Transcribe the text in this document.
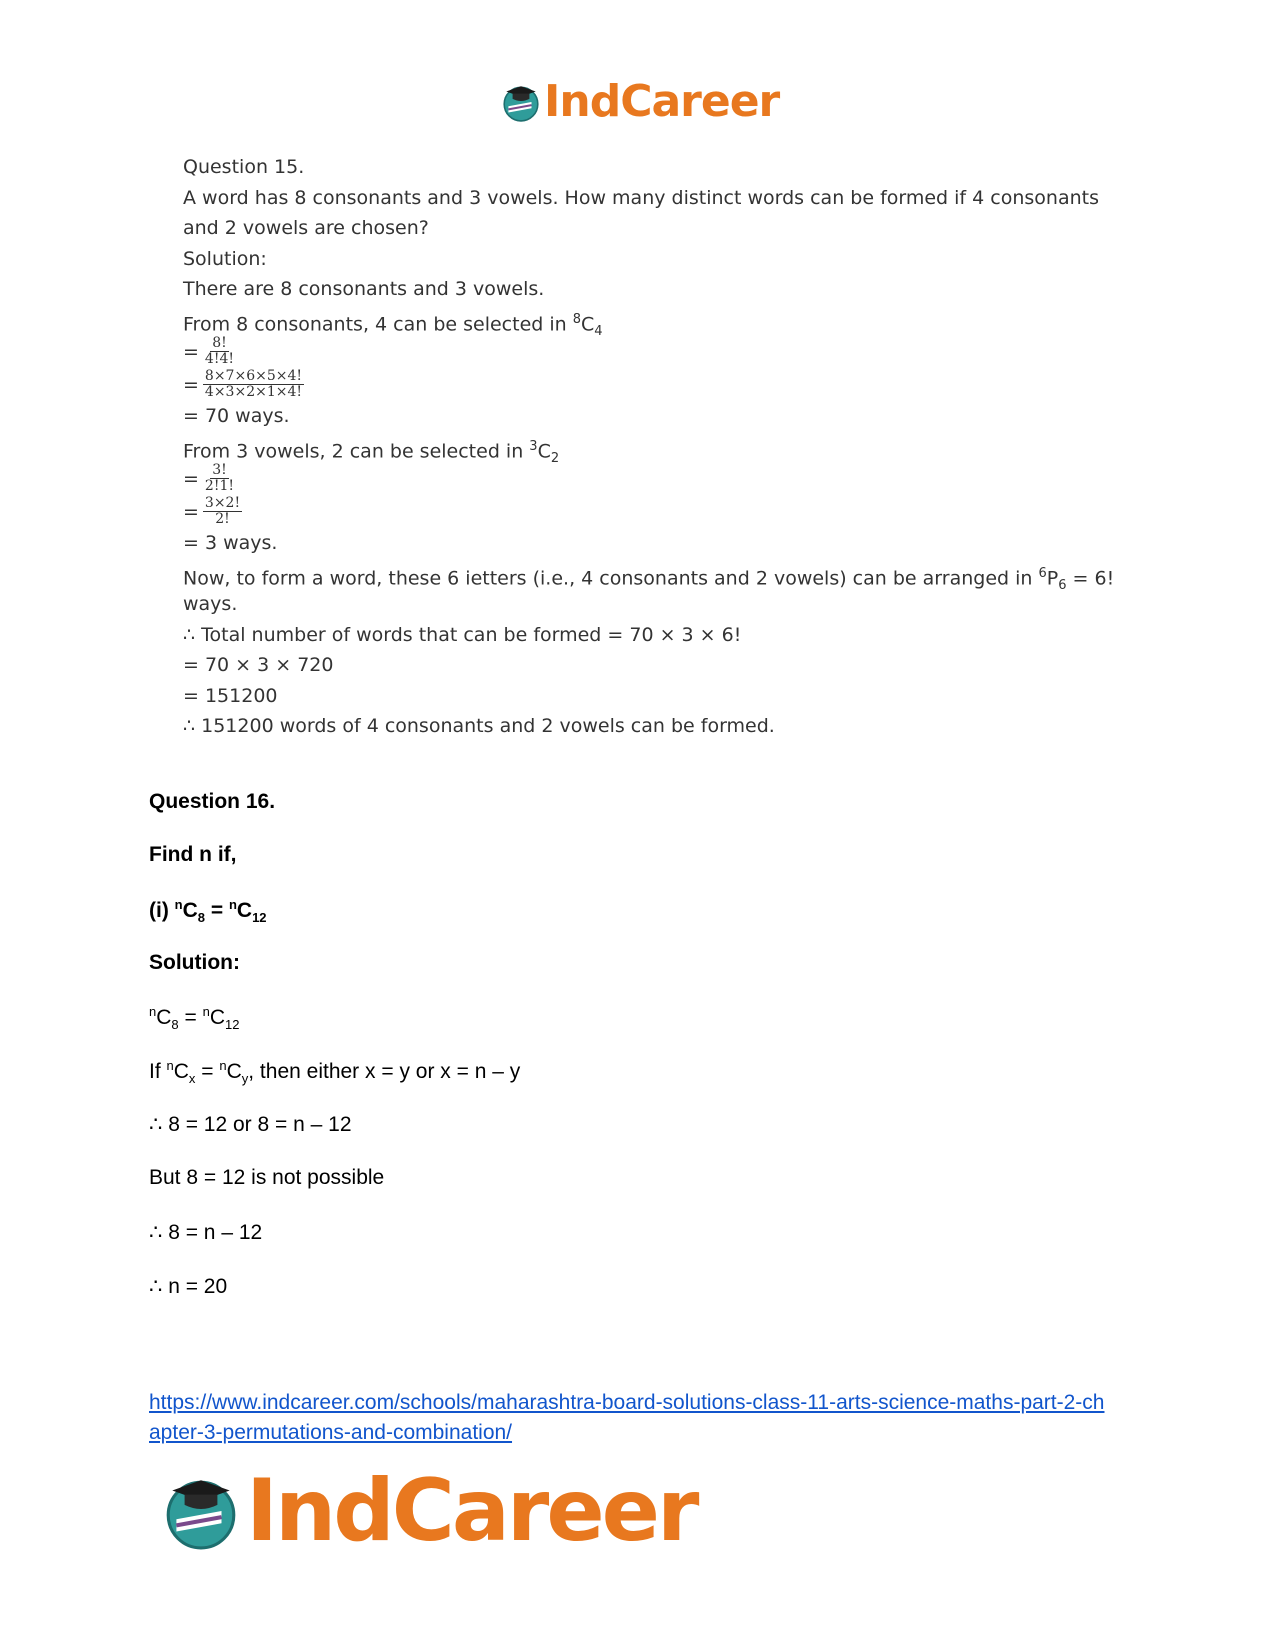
IndCareer
Question 15.
A word has 8 consonants and 3 vowels. How many distinct words can be formed if 4 consonants
and 2 vowels are chosen?
Solution:
There are 8 consonants and 3 vowels.
From 8 consonants, 4 can be selected in $^8C_4$
= $\frac{8!}{4!4!}$
= $\frac{8\times 7\times 6\times 5\times 4!}{4\times 3\times 2\times 1\times 4!}$
= 70 ways.
From 3 vowels, 2 can be selected in $^3C_2$
= $\frac{3!}{2!1!}$
= $\frac{3\times 2!}{2!}$
= 3 ways.
Now, to form a word, these 6 ietters (i.e., 4 consonants and 2 vowels) can be arranged in $^6P_6 = 6$!
ways.
∴ Total number of words that can be formed = 70 × 3 × 6!
= 70 × 3 × 720
= 151200
∴ 151200 words of 4 consonants and 2 vowels can be formed.
Question 16.
Find n if,
(i) $^nC_8 = ^nC_{12}$
Solution:
$^nC_8 = ^nC_{12}$
If $^nC_x = ^nC_y$, then either x = y or x = n – y
∴ 8 = 12 or 8 = n – 12
But 8 = 12 is not possible
∴ 8 = n – 12
∴ n = 20
https://www.indcareer.com/schools/maharashtra-board-solutions-class-11-arts-science-maths-part-2-chapter-3-permutations-and-combination/
IndCareer
